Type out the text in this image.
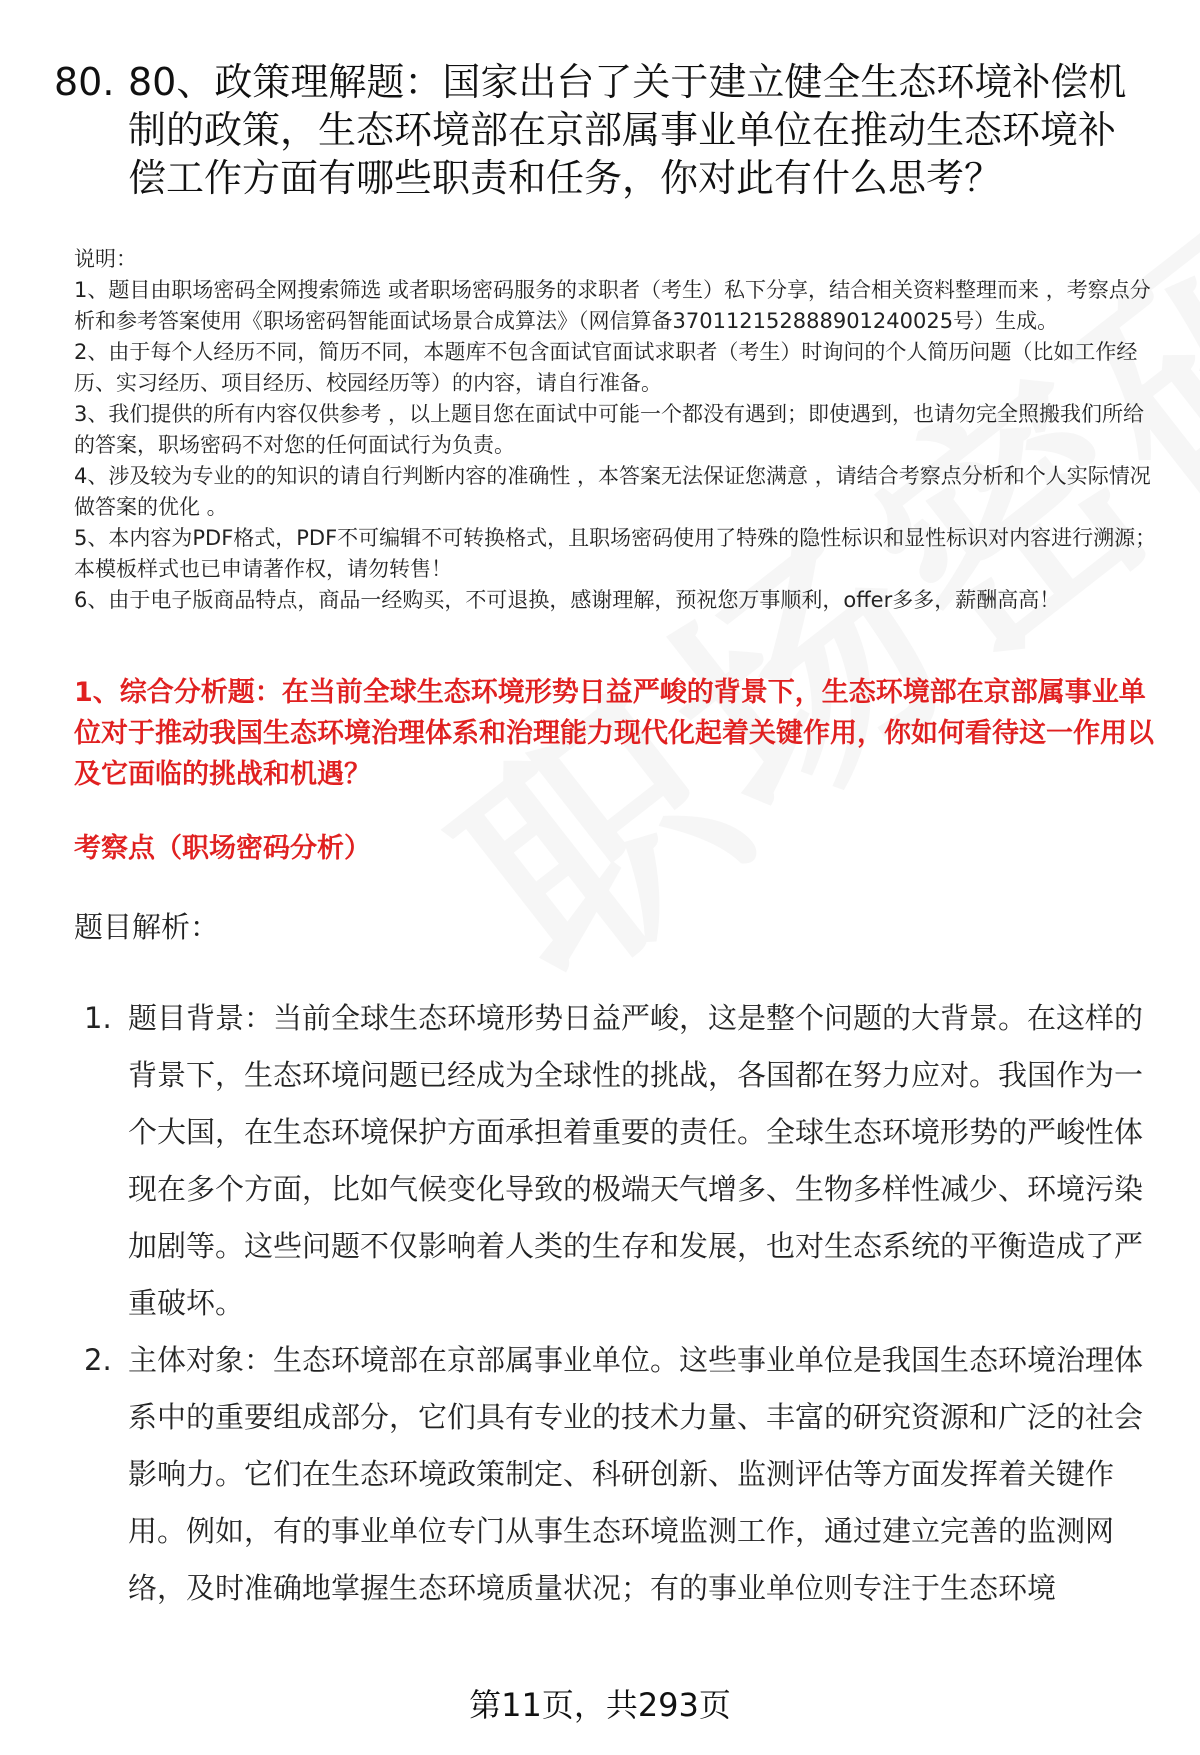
80. 80、政策理解题：国家出台了关于建立健全生态环境补偿机制的政策，生态环境部在京部属事业单位在推动生态环境补偿工作方面有哪些职责和任务，你对此有什么思考？

说明：

1、题目由职场密码全网搜索筛选 或者职场密码服务的求职者（考生）私下分享，结合相关资料整理而来 ，考察点分析和参考答案使用《职场密码智能面试场景合成算法》（网信算备370112152888901240025号）生成。

2、由于每个人经历不同，简历不同，本题库不包含面试官面试求职者（考生）时询问的个人简历问题（比如工作经历、实习经历、项目经历、校园经历等）的内容，请自行准备。

3、我们提供的所有内容仅供参考 ，以上题目您在面试中可能一个都没有遇到；即使遇到，也请勿完全照搬我们所给的答案，职场密码不对您的任何面试行为负责。

4、涉及较为专业的的知识的请自行判断内容的准确性 ，本答案无法保证您满意 ，请结合考察点分析和个人实际情况做答案的优化 。

5、本内容为PDF格式，PDF不可编辑不可转换格式，且职场密码使用了特殊的隐性标识和显性标识对内容进行溯源；本模板样式也已申请著作权，请勿转售！

6、由于电子版商品特点，商品一经购买，不可退换，感谢理解，预祝您万事顺利，offer多多，薪酬高高！

1、综合分析题：在当前全球生态环境形势日益严峻的背景下，生态环境部在京部属事业单位对于推动我国生态环境治理体系和治理能力现代化起着关键作用，你如何看待这一作用以及它面临的挑战和机遇？
考察点（职场密码分析）
题目解析：
1. 题目背景：当前全球生态环境形势日益严峻，这是整个问题的大背景。在这样的背景下，生态环境问题已经成为全球性的挑战，各国都在努力应对。我国作为一个大国，在生态环境保护方面承担着重要的责任。全球生态环境形势的严峻性体现在多个方面，比如气候变化导致的极端天气增多、生物多样性减少、环境污染加剧等。这些问题不仅影响着人类的生存和发展，也对生态系统的平衡造成了严重破坏。
2. 主体对象：生态环境部在京部属事业单位。这些事业单位是我国生态环境治理体系中的重要组成部分，它们具有专业的技术力量、丰富的研究资源和广泛的社会影响力。它们在生态环境政策制定、科研创新、监测评估等方面发挥着关键作用。例如，有的事业单位专门从事生态环境监测工作，通过建立完善的监测网络，及时准确地掌握生态环境质量状况；有的事业单位则专注于生态环境
第11页，共293页
